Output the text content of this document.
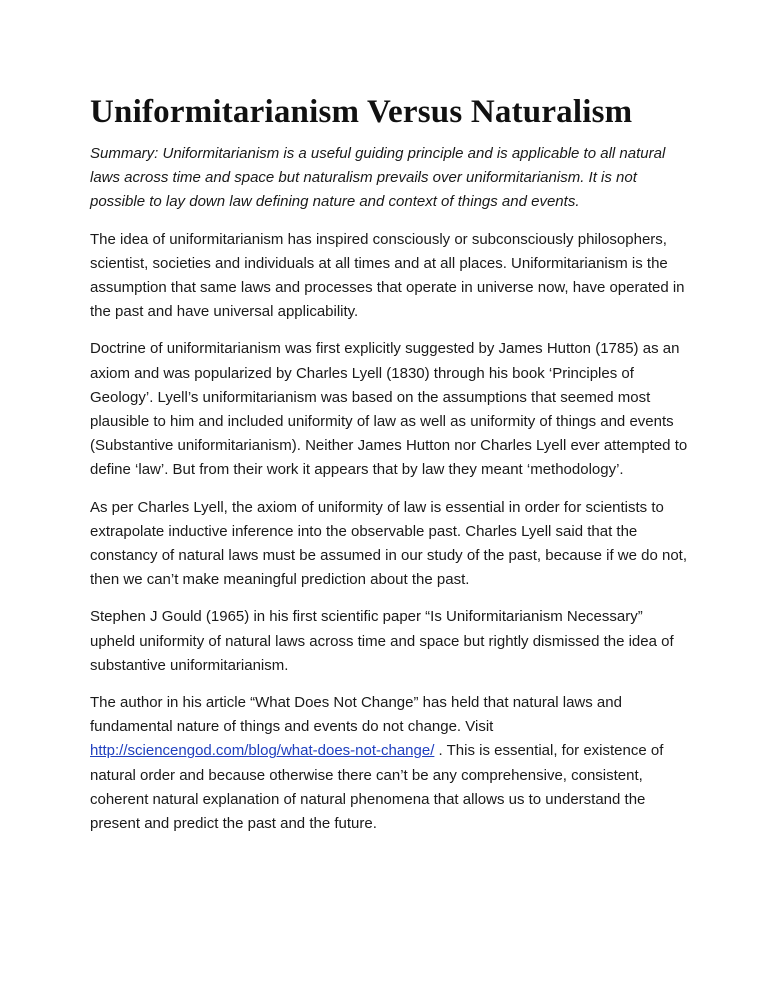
Uniformitarianism Versus Naturalism

Summary: Uniformitarianism is a useful guiding principle and is applicable to all natural laws across time and space but naturalism prevails over uniformitarianism. It is not possible to lay down law defining nature and context of things and events.

The idea of uniformitarianism has inspired consciously or subconsciously philosophers, scientist, societies and individuals at all times and at all places. Uniformitarianism is the assumption that same laws and processes that operate in universe now, have operated in the past and have universal applicability.

Doctrine of uniformitarianism was first explicitly suggested by James Hutton (1785) as an axiom and was popularized by Charles Lyell (1830) through his book ‘Principles of Geology’. Lyell’s uniformitarianism was based on the assumptions that seemed most plausible to him and included uniformity of law as well as uniformity of things and events (Substantive uniformitarianism). Neither James Hutton nor Charles Lyell ever attempted to define ‘law’. But from their work it appears that by law they meant ‘methodology’.

As per Charles Lyell, the axiom of uniformity of law is essential in order for scientists to extrapolate inductive inference into the observable past. Charles Lyell said that the constancy of natural laws must be assumed in our study of the past, because if we do not, then we can’t make meaningful prediction about the past.

Stephen J Gould (1965) in his first scientific paper “Is Uniformitarianism Necessary” upheld uniformity of natural laws across time and space but rightly dismissed the idea of substantive uniformitarianism.

The author in his article “What Does Not Change” has held that natural laws and fundamental nature of things and events do not change. Visit http://sciencengod.com/blog/what-does-not-change/ . This is essential, for existence of natural order and because otherwise there can’t be any comprehensive, consistent, coherent natural explanation of natural phenomena that allows us to understand the present and predict the past and the future.
